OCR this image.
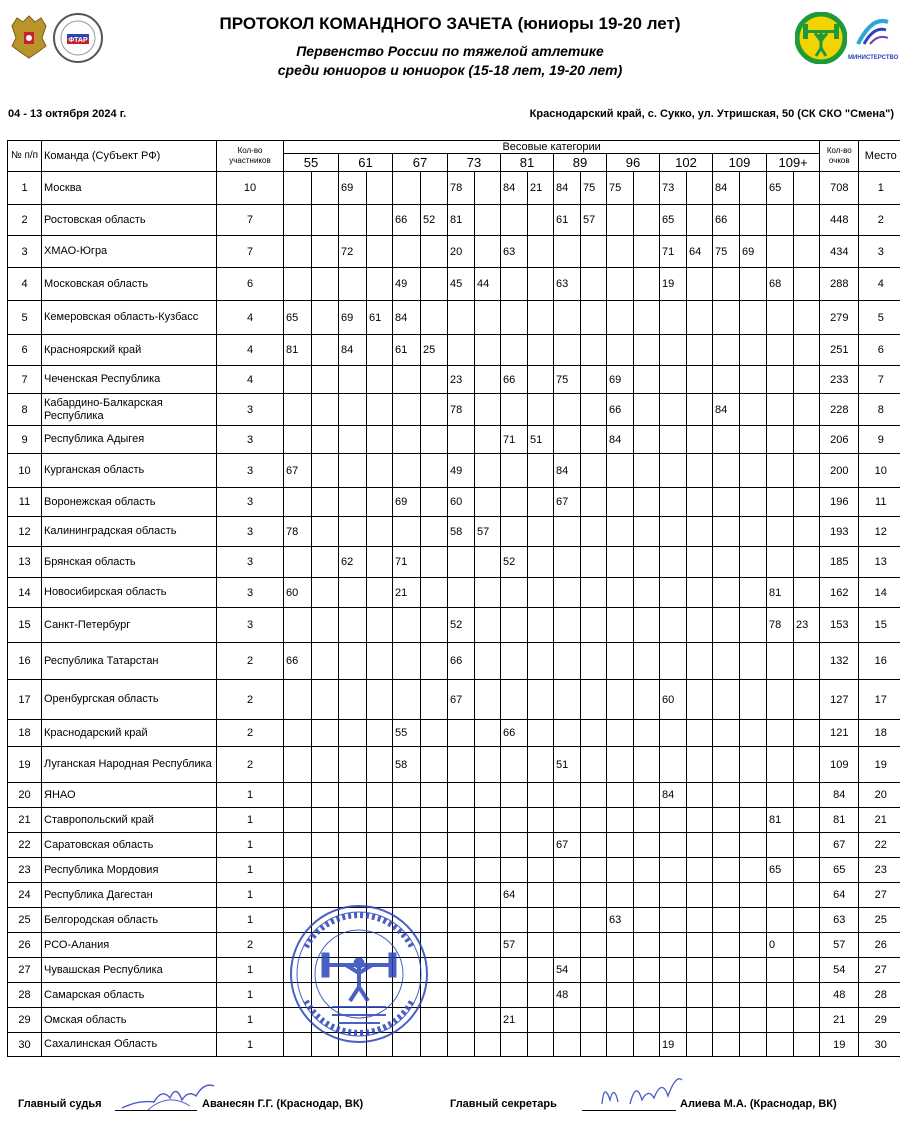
ФТАР
МИНИСТЕРСТВО
ПРОТОКОЛ КОМАНДНОГО ЗАЧЕТА (юниоры 19-20 лет)
Первенство России по тяжелой атлетике
среди юниоров и юниорок (15-18 лет, 19-20 лет)
04 - 13 октября 2024 г.	Краснодарский край, с. Сукко, ул. Утришская, 50 (СК СКО "Смена")
№ п/п	Команда (Субъект РФ)	Кол-во участников	Весовые категории																				Кол-во очков	Место
			55		61		67		73		81		89		96		102		109		109+			
1	Москва	10			69				78		84	21	84	75	75		73		84		65		708	1
2	Ростовская область	7					66	52	81				61	57			65		66				448	2
3	ХМАО-Югра	7			72				20		63						71	64	75	69			434	3
4	Московская область	6					49		45	44			63				19				68		288	4
5	Кемеровская область-Кузбасс	4	65		69	61	84																279	5
6	Красноярский край	4	81		84		61	25															251	6
7	Чеченская Республика	4							23		66		75		69								233	7
8	Кабардино-Балкарская Республика	3							78						66				84				228	8
9	Республика Адыгея	3									71	51			84								206	9
10	Курганская область	3	67						49				84										200	10
11	Воронежская область	3					69		60				67										196	11
12	Калининградская область	3	78						58	57													193	12
13	Брянская область	3			62		71				52												185	13
14	Новосибирская область	3	60				21														81		162	14
15	Санкт-Петербург	3							52												78	23	153	15
16	Республика Татарстан	2	66						66														132	16
17	Оренбургская область	2							67								60						127	17
18	Краснодарский край	2					55				66												121	18
19	Луганская Народная Республика	2					58						51										109	19
20	ЯНАО	1															84						84	20
21	Ставропольский край	1																			81		81	21
22	Саратовская область	1											67										67	22
23	Республика Мордовия	1																			65		65	23
24	Республика Дагестан	1									64												64	27
25	Белгородская область	1													63								63	25
26	РСО-Алания	2									57										0		57	26
27	Чувашская Республика	1											54										54	27
28	Самарская область	1											48										48	28
29	Омская область	1									21												21	29
30	Сахалинская Область	1															19						19	30
Главный судья	Аванесян Г.Г. (Краснодар, ВК)	Главный секретарь	Алиева М.А. (Краснодар, ВК)
